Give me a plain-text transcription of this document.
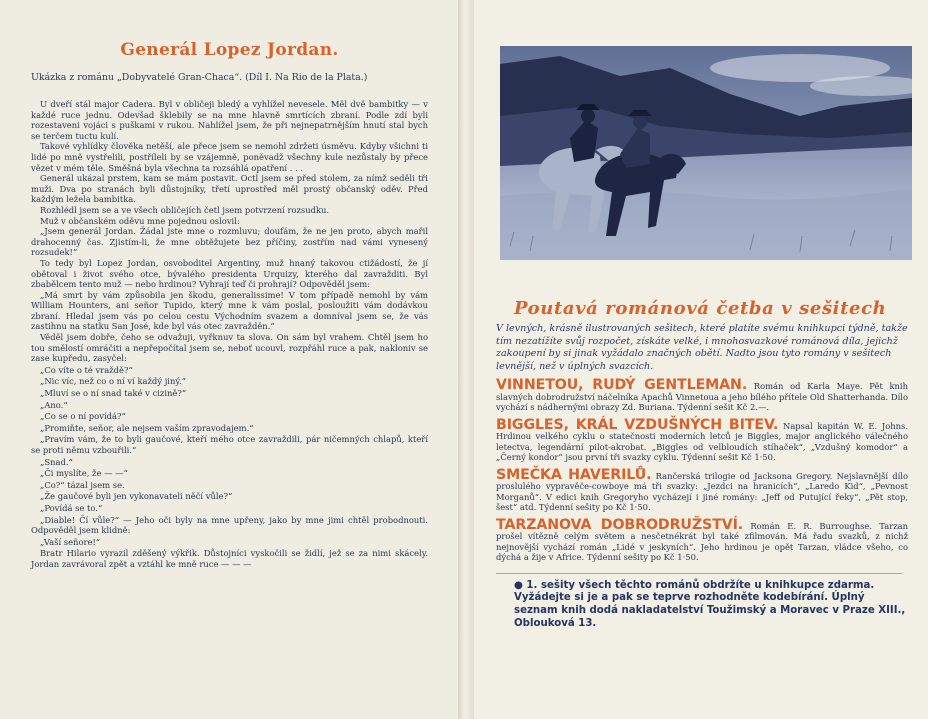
Generál Lopez Jordan.
Ukázka z románu „Dobyvatelé Gran-Chaca“. (Díl I. Na Rio de la Plata.)

U dveří stál major Cadera. Byl v obličeji bledý a vyhlížel nevesele. Měl dvě bambitky — v každé ruce jednu. Odevšad šklebily se na mne hlavně smrtících zbraní. Podle zdí byli rozestaveni vojáci s puškami v rukou. Nahlížel jsem, že při nejnepatrnějším hnutí stal bych se terčem tuctu kulí.

Takové vyhlídky člověka netěší, ale přece jsem se nemohl zdržeti úsměvu. Kdyby všichni ti lidé po mně vystřelili, postříleli by se vzájemně, poněvadž všechny kule nezůstaly by přece vězet v mém těle. Směšná byla všechna ta rozsáhlá opatření . . .

Generál ukázal prstem, kam se mám postavit. Octl jsem se před stolem, za nímž seděli tři muži. Dva po stranách byli důstojníky, třetí uprostřed měl prostý občanský oděv. Před každým ležela bambitka.

Rozhlédl jsem se a ve všech obličejích četl jsem potvrzení rozsudku.

Muž v občanském oděvu mne pojednou oslovil:

„Jsem generál Jordan. Žádal jste mne o rozmluvu; doufám, že ne jen proto, abych mařil drahocenný čas. Zjistím-li, že mne obtěžujete bez příčiny, zostřím nad vámi vynesený rozsudek!“

To tedy byl Lopez Jordan, osvoboditel Argentiny, muž hnaný takovou ctižádostí, že jí obětoval i život svého otce, bývalého presidenta Urquizy, kterého dal zavražditi. Byl zbabělcem tento muž — nebo hrdinou? Vyhrají teď či prohrají? Odpověděl jsem:

„Má smrt by vám způsobila jen škodu, generalissime! V tom případě nemohl by vám William Hounters, ani señor Tupido, který mne k vám poslal, posloužiti vám dodávkou zbraní. Hledal jsem vás po celou cestu Východním svazem a domníval jsem se, že vás zastihnu na statku San José, kde byl vás otec zavražděn.“

Věděl jsem dobře, čeho se odvažuji, vyřknuv ta slova. On sám byl vrahem. Chtěl jsem ho tou smělostí omráčiti a nepřepočítal jsem se, neboť ucouvl, rozpřáhl ruce a pak, nakloniv se zase kupředu, zasyčel:

„Co víte o té vraždě?“

„Nic víc, než co o ní ví každý jiný.“

„Mluví se o ní snad také v cizině?“

„Ano.“

„Co se o ní povídá?“

„Promiňte, señor, ale nejsem vaším zpravodajem.“

„Pravím vám, že to byli gaučové, kteří mého otce zavraždili, pár ničemných chlapů, kteří se proti němu vzbouřili.“

„Snad.“

„Či myslíte, že — —“

„Co?“ tázal jsem se.

„Že gaučové byli jen vykonavateli něčí vůle?“

„Povídá se to.“

„Diable! Čí vůle?“ — Jeho oči byly na mne upřeny, jako by mne jimi chtěl probodnouti. Odpověděl jsem klidně:

„Vaší señore!“

Bratr Hilario vyrazil zděšený výkřik. Důstojníci vyskočili se židlí, jež se za nimi skácely. Jordan zavrávoral zpět a vztáhl ke mně ruce — — —

Poutavá románová četba v sešitech

V levných, krásně ilustrovaných sešitech, které platíte svému knihkupci týdně, takže tím nezatížíte svůj rozpočet, získáte velké, i mnohosvazkové románová díla, jejichž zakoupení by si jinak vyžádalo značných obětí. Nadto jsou tyto romány v sešitech levnější, než v úplných svazcích.

VINNETOU, RUDÝ GENTLEMAN. Román od Karla Maye. Pět knih slavných dobrodružství náčelníka Apachů Vinnetoua a jeho bílého přítele Old Shatterhanda. Dílo vychází s nádhernými obrazy Zd. Buriana. Týdenní sešit Kč 2.—.
BIGGLES, KRÁL VZDUŠNÝCH BITEV. Napsal kapitán W. E. Johns. Hrdinou velkého cyklu o statečnosti moderních letců je Biggles, major anglického válečného letectva, legendární pilot-akrobat. „Biggles od velbloudích stíhaček“, „Vzdušný komodor“ a „Černý kondor“ jsou první tři svazky cyklu. Týdenní sešit Kč 1·50.
SMEČKA HAVERILŮ. Rančerská trilogie od Jacksona Gregory. Nejslavnější dílo proslulého vypravěče-cowboye má tři svazky: „Jezdci na hranicích“, „Laredo Kid“, „Pevnost Morganů“. V edici knih Gregoryho vycházejí i jiné romány: „Jeff od Putující řeky“, „Pět stop, šest“ atd. Týdenní sešity po Kč 1·50.
TARZANOVA DOBRODRUŽSTVÍ. Román E. R. Burroughse. Tarzan prošel vítězně celým světem a nesčetnékrát byl také zfilmován. Má řadu svazků, z nichž nejnovější vychází román „Lidé v jeskyních“. Jeho hrdinou je opět Tarzan, vládce všeho, co dýchá a žije v Africe. Týdenní sešity po Kč 1·50.
● 1. sešity všech těchto románů obdržíte u knihkupce zdarma. Vyžádejte si je a pak se teprve rozhodněte kodebírání. Úplný seznam knih dodá nakladatelství Toužimský a Moravec v Praze XIII., Oblouková 13.
